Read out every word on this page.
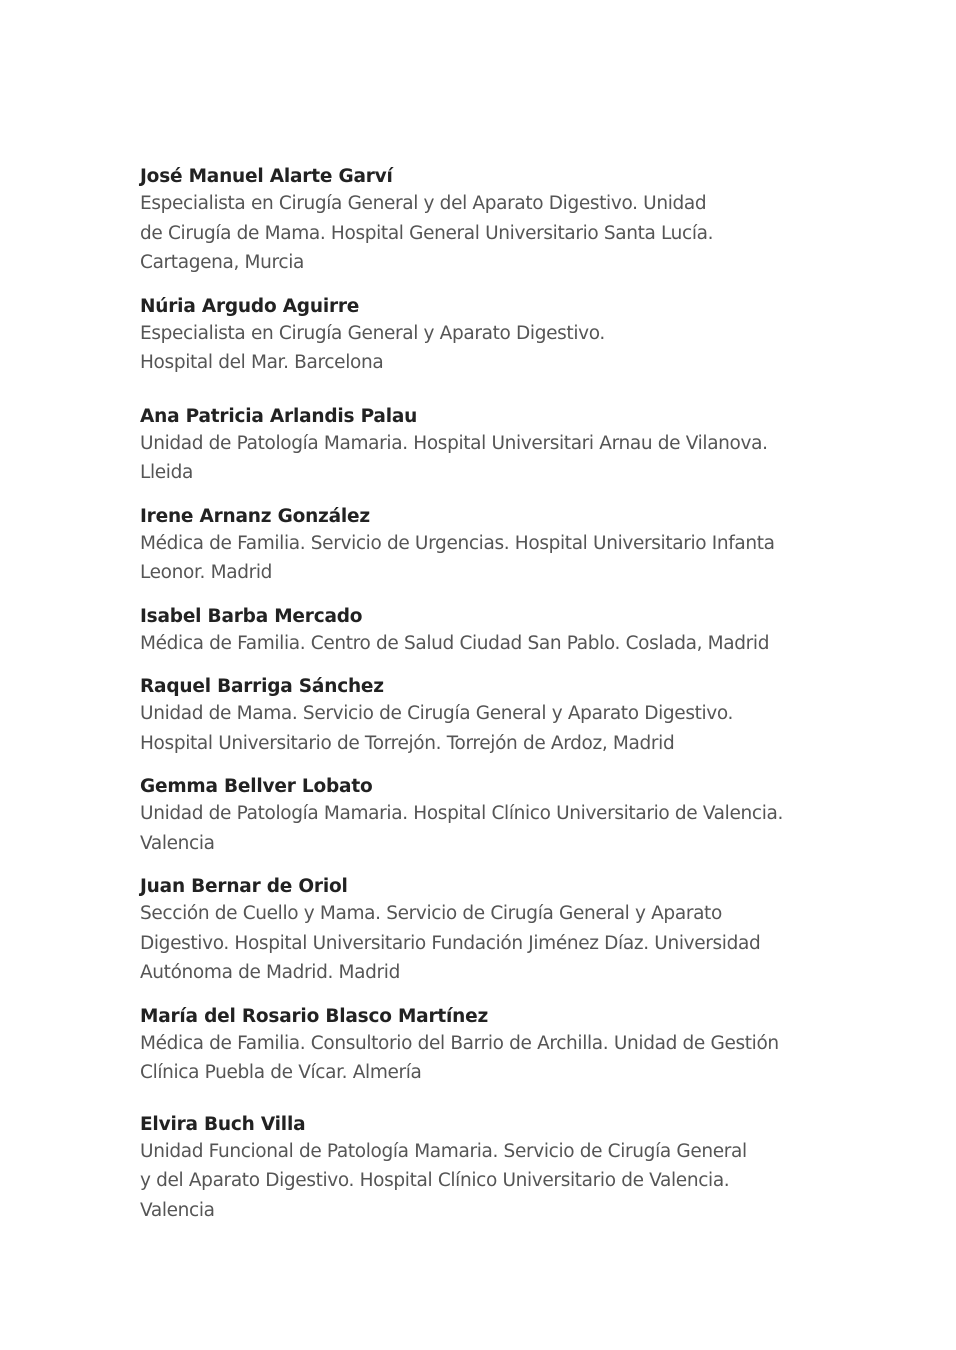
José Manuel Alarte Garví
Especialista en Cirugía General y del Aparato Digestivo. Unidad
de Cirugía de Mama. Hospital General Universitario Santa Lucía.
Cartagena, Murcia
Núria Argudo Aguirre
Especialista en Cirugía General y Aparato Digestivo.
Hospital del Mar. Barcelona
Ana Patricia Arlandis Palau
Unidad de Patología Mamaria. Hospital Universitari Arnau de Vilanova.
Lleida
Irene Arnanz González
Médica de Familia. Servicio de Urgencias. Hospital Universitario Infanta
Leonor. Madrid
Isabel Barba Mercado
Médica de Familia. Centro de Salud Ciudad San Pablo. Coslada, Madrid
Raquel Barriga Sánchez
Unidad de Mama. Servicio de Cirugía General y Aparato Digestivo.
Hospital Universitario de Torrejón. Torrejón de Ardoz, Madrid
Gemma Bellver Lobato
Unidad de Patología Mamaria. Hospital Clínico Universitario de Valencia.
Valencia
Juan Bernar de Oriol
Sección de Cuello y Mama. Servicio de Cirugía General y Aparato
Digestivo. Hospital Universitario Fundación Jiménez Díaz. Universidad
Autónoma de Madrid. Madrid
María del Rosario Blasco Martínez
Médica de Familia. Consultorio del Barrio de Archilla. Unidad de Gestión
Clínica Puebla de Vícar. Almería
Elvira Buch Villa
Unidad Funcional de Patología Mamaria. Servicio de Cirugía General
y del Aparato Digestivo. Hospital Clínico Universitario de Valencia.
Valencia
